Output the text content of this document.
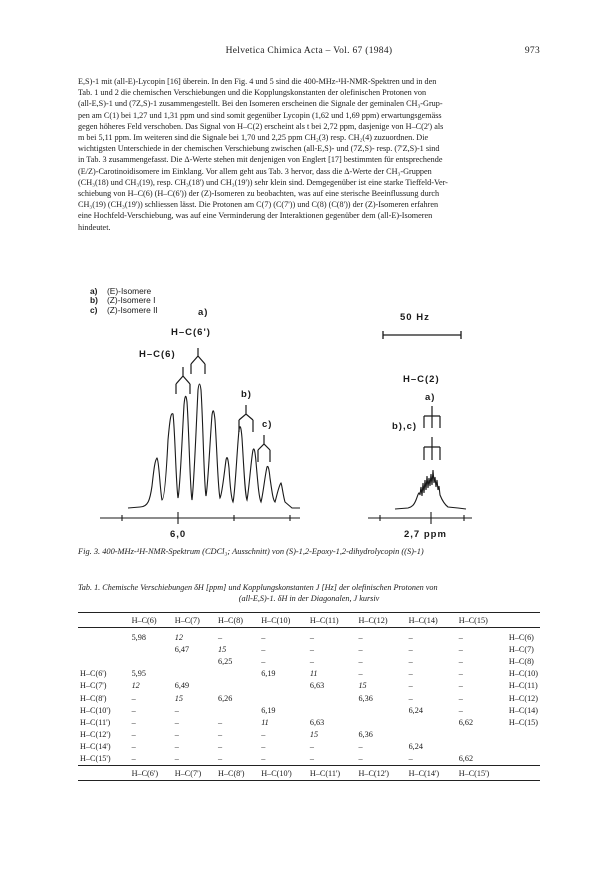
Helvetica Chimica Acta – Vol. 67 (1984)	973
E,S)-1 mit (all-E)-Lycopin [16] überein. In den Fig. 4 und 5 sind die 400-MHz-¹H-NMR-Spektren und in den
Tab. 1 und 2 die chemischen Verschiebungen und die Kopplungskonstanten der olefinischen Protonen von
(all-E,S)-1 und (7Z,S)-1 zusammengestellt. Bei den Isomeren erscheinen die Signale der geminalen CH₃-Grup-
pen am C(1) bei 1,27 und 1,31 ppm und sind somit gegenüber Lycopin (1,62 und 1,69 ppm) erwartungsgemäss
gegen höheres Feld verschoben. Das Signal von H–C(2) erscheint als t bei 2,72 ppm, dasjenige von H–C(2') als
m bei 5,11 ppm. Im weiteren sind die Signale bei 1,70 und 2,25 ppm CH₂(3) resp. CH₂(4) zuzuordnen. Die
wichtigsten Unterschiede in der chemischen Verschiebung zwischen (all-E,S)- und (7Z,S)- resp. (7'Z,S)-1 sind
in Tab. 3 zusammengefasst. Die Δ-Werte stehen mit denjenigen von Englert [17] bestimmten für entsprechende
(E/Z)-Carotinoidisomere im Einklang. Vor allem geht aus Tab. 3 hervor, dass die Δ-Werte der CH₃-Gruppen
(CH₃(18) und CH₃(19), resp. CH₃(18') und CH₃(19')) sehr klein sind. Demgegenüber ist eine starke Tieffeld-Ver-
schiebung von H–C(6) (H–C(6')) der (Z)-Isomeren zu beobachten, was auf eine sterische Beeinflussung durch
CH₃(19) (CH₃(19')) schliessen lässt. Die Protonen am C(7) (C(7')) und C(8) (C(8')) der (Z)-Isomeren erfahren
eine Hochfeld-Verschiebung, was auf eine Verminderung der Interaktionen gegenüber dem (all-E)-Isomeren
hindeutet.
a) (E)-Isomere
b) (Z)-Isomere I
c) (Z)-Isomere II	a)
H–C(6')
H–C(6)
b)
c)
50 Hz
H–C(2)
a)
b),c)
6,0	2,7 ppm
Fig. 3. 400-MHz-¹H-NMR-Spektrum (CDCl₃; Ausschnitt) von (S)-1,2-Epoxy-1,2-dihydrolycopin ((S)-1)
Tab. 1. Chemische Verschiebungen δH [ppm] und Kopplungskonstanten J [Hz] der olefinischen Protonen von
(all-E,S)-1. δH in der Diagonalen, J kursiv
	H–C(6)	H–C(7)	H–C(8)	H–C(10)	H–C(11)	H–C(12)	H–C(14)	H–C(15)	
	5,98	12	–	–	–	–	–	–	H–C(6)
		6,47	15	–	–	–	–	–	H–C(7)
			6,25	–	–	–	–	–	H–C(8)
H–C(6')	5,95			6,19	11	–	–	–	H–C(10)
H–C(7')	12	6,49			6,63	15	–	–	H–C(11)
H–C(8')	–	15	6,26			6,36	–	–	H–C(12)
H–C(10')	–	–		6,19			6,24	–	H–C(14)
H–C(11')	–	–	–	11	6,63			6,62	H–C(15)
H–C(12')	–	–	–	–	15	6,36			
H–C(14')	–	–	–	–	–	–	6,24		
H–C(15')	–	–	–	–	–	–	–	6,62	
	H–C(6')	H–C(7')	H–C(8')	H–C(10')	H–C(11')	H–C(12')	H–C(14')	H–C(15')	
